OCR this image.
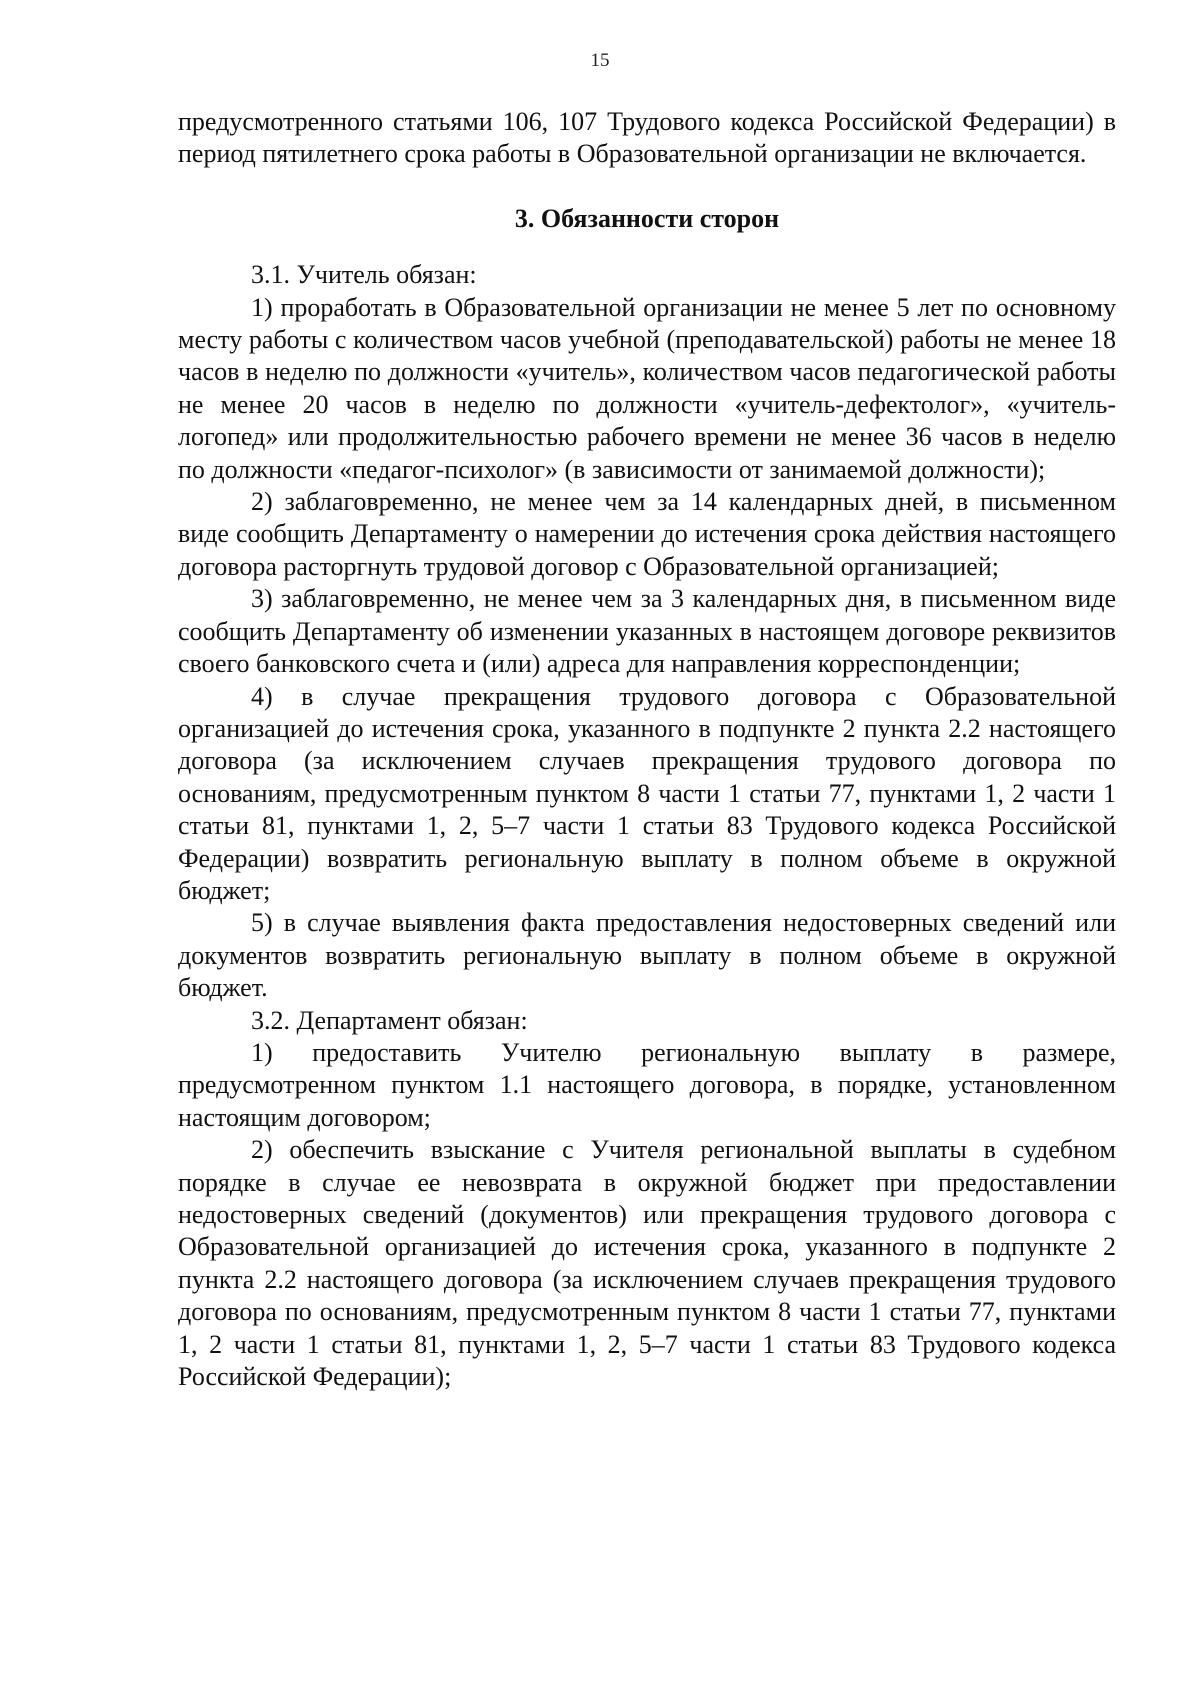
15

предусмотренного статьями 106, 107 Трудового кодекса Российской Федерации) в период пятилетнего срока работы в Образовательной организации не включается.

3. Обязанности сторон

3.1. Учитель обязан:

1) проработать в Образовательной организации не менее 5 лет по основному месту работы с количеством часов учебной (преподавательской) работы не менее 18 часов в неделю по должности «учитель», количеством часов педагогической работы не менее 20 часов в неделю по должности «учитель-дефектолог», «учитель-логопед» или продолжительностью рабочего времени не менее 36 часов в неделю по должности «педагог-психолог» (в зависимости от занимаемой должности);

2) заблаговременно, не менее чем за 14 календарных дней, в письменном виде сообщить Департаменту о намерении до истечения срока действия настоящего договора расторгнуть трудовой договор с Образовательной организацией;

3) заблаговременно, не менее чем за 3 календарных дня, в письменном виде сообщить Департаменту об изменении указанных в настоящем договоре реквизитов своего банковского счета и (или) адреса для направления корреспонденции;

4) в случае прекращения трудового договора с Образовательной организацией до истечения срока, указанного в подпункте 2 пункта 2.2 настоящего договора (за исключением случаев прекращения трудового договора по основаниям, предусмотренным пунктом 8 части 1 статьи 77, пунктами 1, 2 части 1 статьи 81, пунктами 1, 2, 5–7 части 1 статьи 83 Трудового кодекса Российской Федерации) возвратить региональную выплату в полном объеме в окружной бюджет;

5) в случае выявления факта предоставления недостоверных сведений или документов возвратить региональную выплату в полном объеме в окружной бюджет.

3.2. Департамент обязан:

1) предоставить Учителю региональную выплату в размере, предусмотренном пунктом 1.1 настоящего договора, в порядке, установленном настоящим договором;

2) обеспечить взыскание с Учителя региональной выплаты в судебном порядке в случае ее невозврата в окружной бюджет при предоставлении недостоверных сведений (документов) или прекращения трудового договора с Образовательной организацией до истечения срока, указанного в подпункте 2 пункта 2.2 настоящего договора (за исключением случаев прекращения трудового договора по основаниям, предусмотренным пунктом 8 части 1 статьи 77, пунктами 1, 2 части 1 статьи 81, пунктами 1, 2, 5–7 части 1 статьи 83 Трудового кодекса Российской Федерации);
